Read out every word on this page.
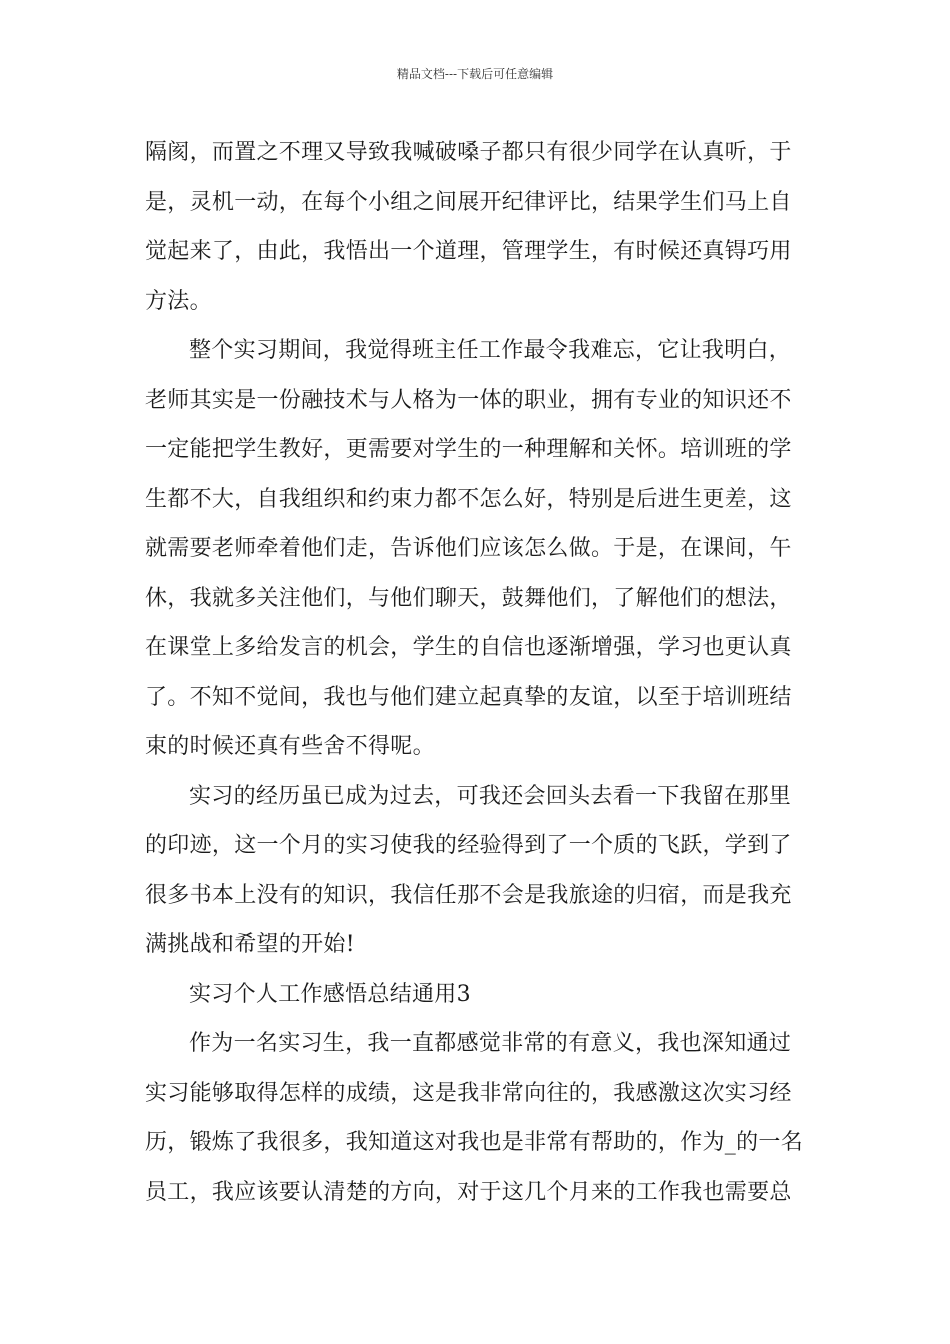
精品文档---下载后可任意编辑

隔阂，而置之不理又导致我喊破嗓子都只有很少同学在认真听，于
是，灵机一动，在每个小组之间展开纪律评比，结果学生们马上自
觉起来了，由此，我悟出一个道理，管理学生，有时候还真锝巧用
方法。

整个实习期间，我觉得班主任工作最令我难忘，它让我明白，
老师其实是一份融技术与人格为一体的职业，拥有专业的知识还不
一定能把学生教好，更需要对学生的一种理解和关怀。培训班的学
生都不大，自我组织和约束力都不怎么好，特别是后进生更差，这
就需要老师牵着他们走，告诉他们应该怎么做。于是，在课间，午
休，我就多关注他们，与他们聊天，鼓舞他们，了解他们的想法，
在课堂上多给发言的机会，学生的自信也逐渐增强，学习也更认真
了。不知不觉间，我也与他们建立起真挚的友谊，以至于培训班结
束的时候还真有些舍不得呢。

实习的经历虽已成为过去，可我还会回头去看一下我留在那里
的印迹，这一个月的实习使我的经验得到了一个质的飞跃，学到了
很多书本上没有的知识，我信任那不会是我旅途的归宿，而是我充
满挑战和希望的开始!

实习个人工作感悟总结通用3

作为一名实习生，我一直都感觉非常的有意义，我也深知通过
实习能够取得怎样的成绩，这是我非常向往的，我感激这次实习经
历，锻炼了我很多，我知道这对我也是非常有帮助的，作为_的一名
员工，我应该要认清楚的方向，对于这几个月来的工作我也需要总
